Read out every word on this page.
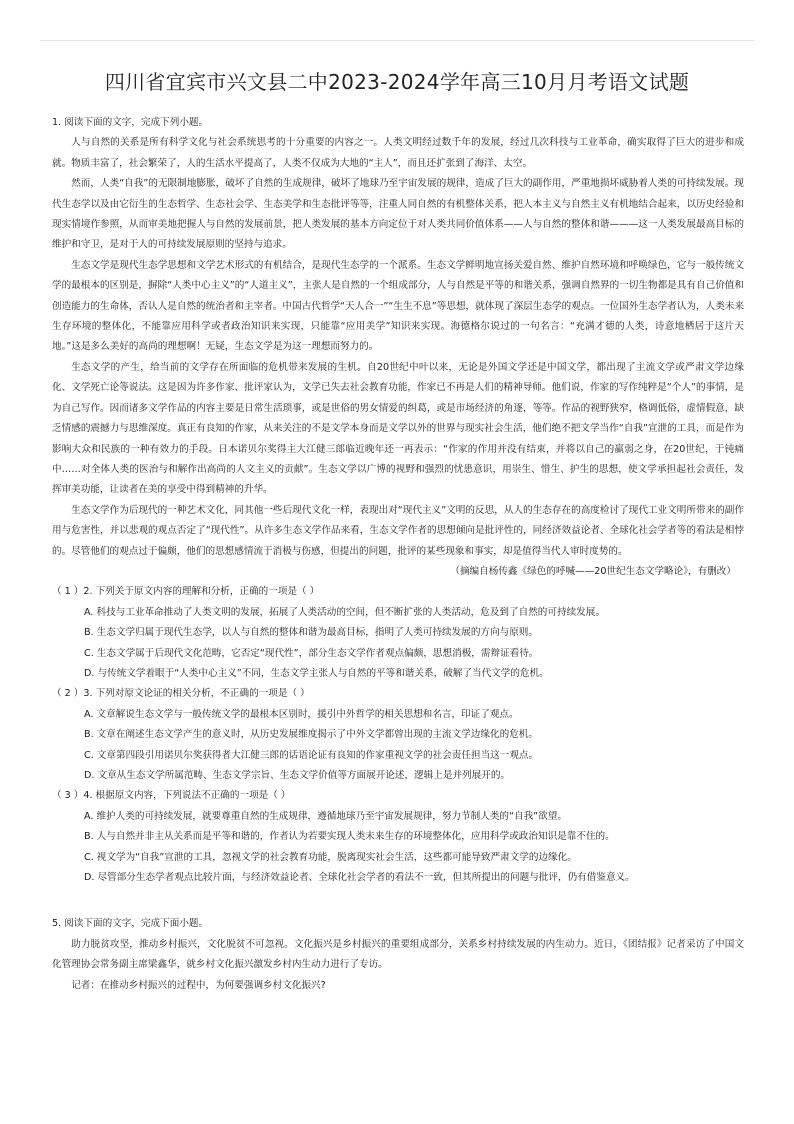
四川省宜宾市兴文县二中2023-2024学年高三10月月考语文试题

1. 阅读下面的文字，完成下列小题。

人与自然的关系是所有科学文化与社会系统思考的十分重要的内容之一。人类文明经过数千年的发展，经过几次科技与工业革命，确实取得了巨大的进步和成就。物质丰富了，社会繁荣了，人的生活水平提高了，人类不仅成为大地的“主人”，而且还扩张到了海洋、太空。

然而，人类“自我”的无限制地膨胀，破坏了自然的生成规律，破坏了地球乃至宇宙发展的规律，造成了巨大的副作用，严重地损坏威胁着人类的可持续发展。现代生态学以及由它衍生的生态哲学、生态社会学、生态美学和生态批评等等，注重人同自然的有机整体关系，把人本主义与自然主义有机地结合起来，以历史经验和现实情境作参照，从而审美地把握人与自然的发展前景，把人类发展的基本方向定位于对人类共同价值体系——人与自然的整体和谐———这一人类发展最高目标的维护和守卫，是对于人的可持续发展原则的坚持与追求。

生态文学是现代生态学思想和文学艺术形式的有机结合，是现代生态学的一个派系。生态文学鲜明地宣扬关爱自然、维护自然环境和呼唤绿色，它与一般传统文学的最根本的区别是，摒除“人类中心主义”的“人道主义”，主张人是自然的一个组成部分，人与自然是平等的和谐关系，强调自然界的一切生物都是具有自己价值和创造能力的生命体，否认人是自然的统治者和主宰者。中国古代哲学“天人合一”“生生不息”等思想，就体现了深层生态学的观点。一位国外生态学者认为，人类未来生存环境的整体化，不能靠应用科学或者政治知识来实现，只能靠“应用美学”知识来实现。海德格尔说过的一句名言：“充满才德的人类，诗意地栖居于这片天地。”这是多么美好的高尚的理想啊！无疑，生态文学是为这一理想而努力的。

生态文学的产生，给当前的文学存在所面临的危机带来发展的生机。自20世纪中叶以来，无论是外国文学还是中国文学，都出现了主流文学或严肃文学边缘化、文学死亡论等说法。这是因为许多作家、批评家认为，文学已失去社会教育功能，作家已不再是人们的精神导师。他们说，作家的写作纯粹是“个人”的事情，是为自己写作。因而诸多文学作品的内容主要是日常生活琐事，或是世俗的男女情爱的纠葛，或是市场经济的角逐，等等。作品的视野狭窄，格调低俗，虚情假意，缺乏情感的震撼力与思维深度。真正有良知的作家，从来关注的不是文学本身而是文学以外的世界与现实社会生活，他们绝不把文学当作“自我”宣泄的工具，而是作为影响大众和民族的一种有效力的手段。日本诺贝尔奖得主大江健三郎临近晚年还一再表示：“作家的作用并没有结束，并将以自己的羸弱之身，在20世纪，于钝痛中……对全体人类的医治与和解作出高尚的人文主义的贡献”。生态文学以广博的视野和强烈的忧患意识，用崇生、惜生、护生的思想，使文学承担起社会责任，发挥审美功能，让读者在美的享受中得到精神的升华。

生态文学作为后现代的一种艺术文化，同其他一些后现代文化一样，表现出对“现代主义”文明的反思，从人的生态存在的高度检讨了现代工业文明所带来的副作用与危害性，并以悲观的观点否定了“现代性”。从许多生态文学作品来看，生态文学作者的思想倾向是批评性的，同经济效益论者、全球化社会学者等的看法是相悖的。尽管他们的观点过于偏颇，他们的思想感情流于消极与伤感，但提出的问题，批评的某些现象和事实，却是值得当代人审时度势的。

（摘编自杨传鑫《绿色的呼喊——20世纪生态文学略论》，有删改）

（ 1 ）2. 下列关于原文内容的理解和分析，正确的一项是（ ）

A. 科技与工业革命推动了人类文明的发展，拓展了人类活动的空间，但不断扩张的人类活动，危及到了自然的可持续发展。

B. 生态文学归属于现代生态学，以人与自然的整体和谐为最高目标，指明了人类可持续发展的方向与原则。

C. 生态文学属于后现代文化范畴，它否定“现代性”，部分生态文学作者观点偏颇，思想消极，需辩证看待。

D. 与传统文学着眼于“人类中心主义”不同，生态文学主张人与自然的平等和谐关系，破解了当代文学的危机。

（ 2 ）3. 下列对原文论证的相关分析，不正确的一项是（ ）

A. 文章解说生态文学与一般传统文学的最根本区别时，援引中外哲学的相关思想和名言，印证了观点。

B. 文章在阐述生态文学产生的意义时，从历史发展维度揭示了中外文学都曾出现的主流文学边缘化的危机。

C. 文章第四段引用诺贝尔奖获得者大江健三郎的话语论证有良知的作家重视文学的社会责任担当这一观点。

D. 文章从生态文学所属范畴、生态文学宗旨、生态文学价值等方面展开论述，逻辑上是并列展开的。

（ 3 ）4. 根据原文内容，下列说法不正确的一项是（ ）

A. 维护人类的可持续发展，就要尊重自然的生成规律，遵循地球乃至宇宙发展规律，努力节制人类的“自我”欲望。

B. 人与自然并非主从关系而是平等和谐的，作者认为若要实现人类未来生存的环境整体化，应用科学或政治知识是靠不住的。

C. 视文学为“自我”宣泄的工具，忽视文学的社会教育功能，脱离现实社会生活，这些都可能导致严肃文学的边缘化。

D. 尽管部分生态学者观点比较片面，与经济效益论者、全球化社会学者的看法不一致，但其所提出的问题与批评，仍有借鉴意义。

5. 阅读下面的文字，完成下面小题。

助力脱贫攻坚，推动乡村振兴，文化脱贫不可忽视。文化振兴是乡村振兴的重要组成部分，关系乡村持续发展的内生动力。近日，《团结报》记者采访了中国文化管理协会常务副主席梁鑫华，就乡村文化振兴激发乡村内生动力进行了专访。

记者：在推动乡村振兴的过程中，为何要强调乡村文化振兴?
